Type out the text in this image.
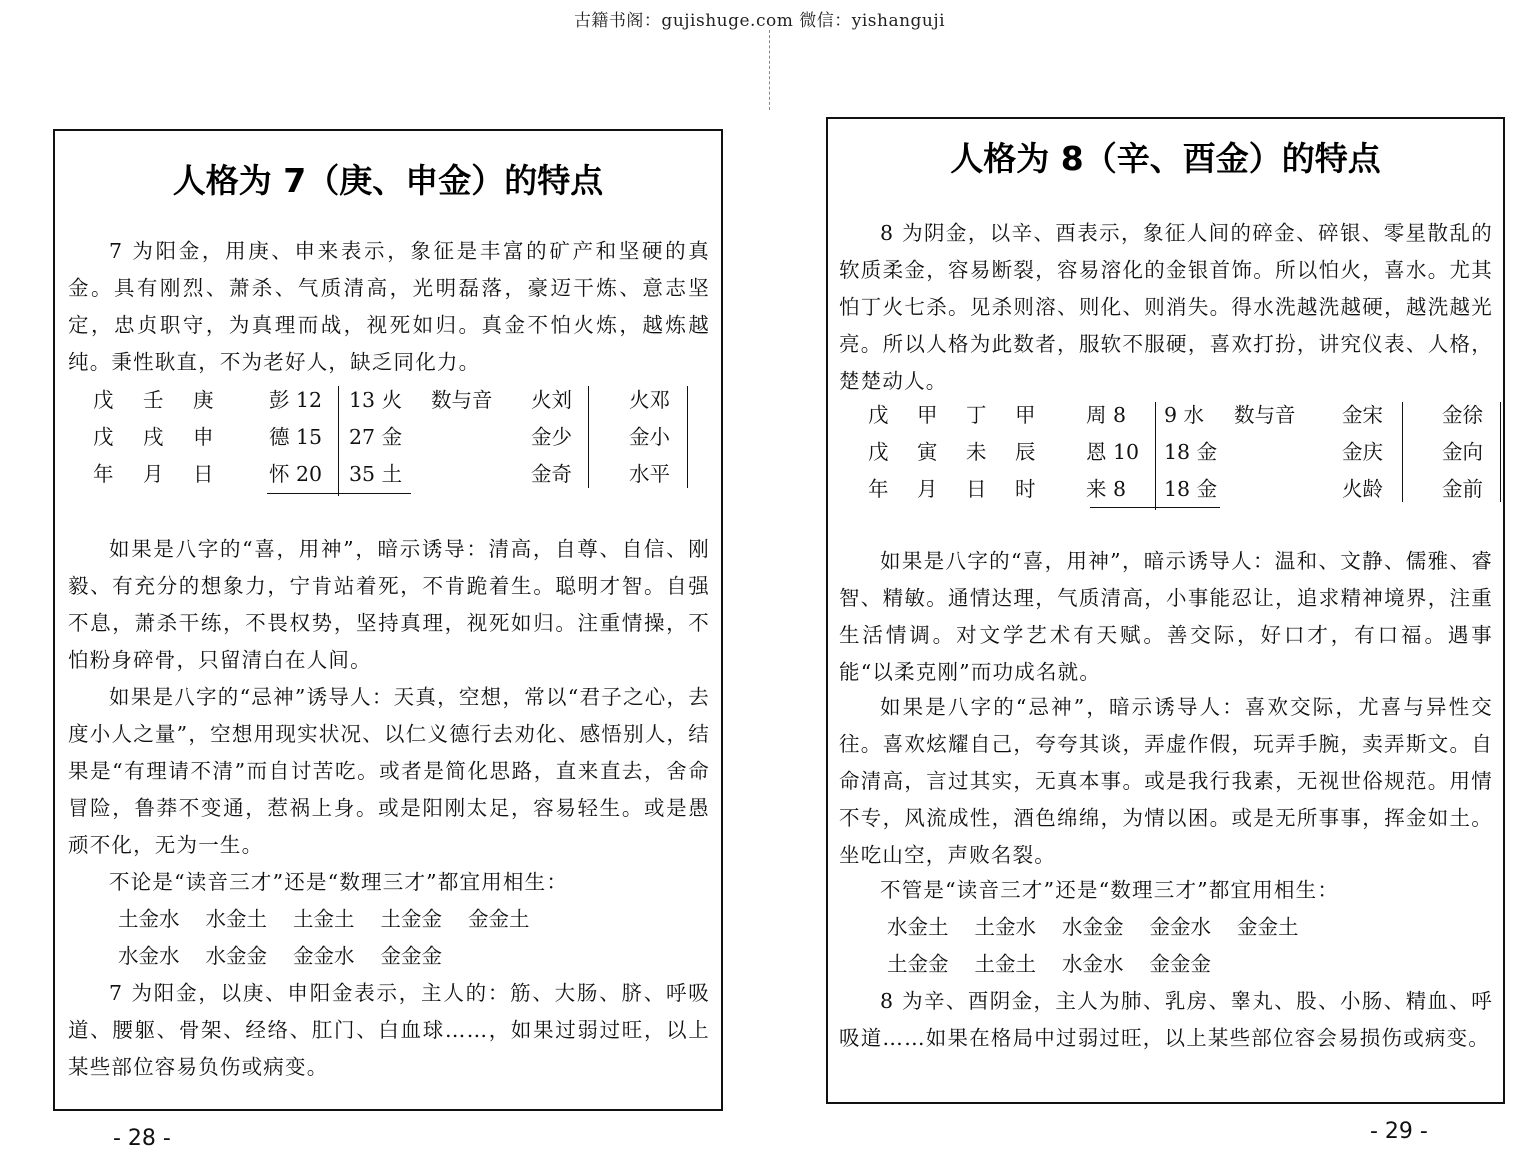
古籍书阁：gujishuge.com 微信：yishanguji
人格为 7（庚、申金）的特点

7 为阳金，用庚、申来表示，象征是丰富的矿产和坚硬的真金。具有刚烈、萧杀、气质清高，光明磊落，豪迈干炼、意志坚定，忠贞职守，为真理而战，视死如归。真金不怕火炼，越炼越纯。秉性耿直，不为老好人，缺乏同化力。

戊 壬 庚	彭 12 13 火 数与音 火刘	火邓
戊 戌 申	德 15 27 金	金少	金小
年 月 日	怀 20 35 土	金奇	水平

如果是八字的“喜，用神”，暗示诱导：清高，自尊、自信、刚毅、有充分的想象力，宁肯站着死，不肯跪着生。聪明才智。自强不息，萧杀干练，不畏权势，坚持真理，视死如归。注重情操，不怕粉身碎骨，只留清白在人间。

如果是八字的“忌神”诱导人：天真，空想，常以“君子之心，去度小人之量”，空想用现实状况、以仁义德行去劝化、感悟别人，结果是“有理请不清”而自讨苦吃。或者是简化思路，直来直去，舍命冒险，鲁莽不变通，惹祸上身。或是阳刚太足，容易轻生。或是愚顽不化，无为一生。

不论是“读音三才”还是“数理三才”都宜用相生：

土金水 水金土 土金土 土金金 金金土
水金水 水金金 金金水 金金金

7 为阳金，以庚、申阳金表示，主人的：筋、大肠、脐、呼吸道、腰躯、骨架、经络、肛门、白血球……，如果过弱过旺，以上某些部位容易负伤或病变。

- 28 -
人格为 8（辛、酉金）的特点

8 为阴金，以辛、酉表示，象征人间的碎金、碎银、零星散乱的软质柔金，容易断裂，容易溶化的金银首饰。所以怕火，喜水。尤其怕丁火七杀。见杀则溶、则化、则消失。得水洗越洗越硬，越洗越光亮。所以人格为此数者，服软不服硬，喜欢打扮，讲究仪表、人格，楚楚动人。

戊 甲 丁 甲 周 8 9 水 数与音 金宋	金徐
戊 寅 未 辰 恩 10 18 金	金庆	金向
年 月 日 时 来 8 18 金	火龄	金前

如果是八字的“喜，用神”，暗示诱导人：温和、文静、儒雅、睿智、精敏。通情达理，气质清高，小事能忍让，追求精神境界，注重生活情调。对文学艺术有天赋。善交际，好口才，有口福。遇事能“以柔克刚”而功成名就。

如果是八字的“忌神”，暗示诱导人：喜欢交际，尤喜与异性交往。喜欢炫耀自己，夸夸其谈，弄虚作假，玩弄手腕，卖弄斯文。自命清高，言过其实，无真本事。或是我行我素，无视世俗规范。用情不专，风流成性，酒色绵绵，为情以困。或是无所事事，挥金如土。坐吃山空，声败名裂。

不管是“读音三才”还是“数理三才”都宜用相生：

水金土 土金水 水金金 金金水 金金土
土金金 土金土 水金水 金金金

8 为辛、酉阴金，主人为肺、乳房、睾丸、股、小肠、精血、呼吸道……如果在格局中过弱过旺，以上某些部位容会易损伤或病变。

- 29 -
